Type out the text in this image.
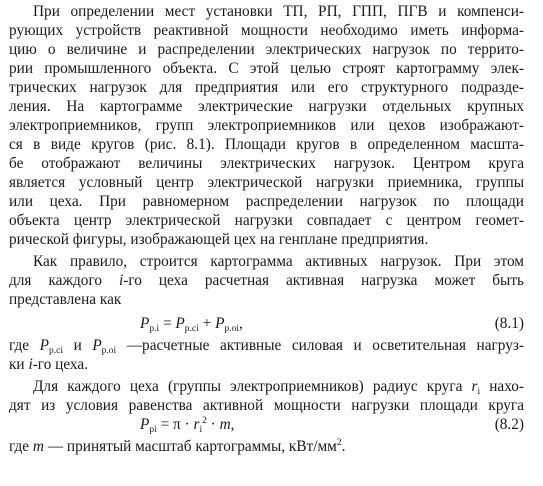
При определении мест установки ТП, РП, ГПП, ПГВ и компенси-
рующих устройств реактивной мощности необходимо иметь информа-
цию о величине и распределении электрических нагрузок по террито-
рии промышленного объекта. С этой целью строят картограмму элек-
трических нагрузок для предприятия или его структурного подразде-
ления. На картограмме электрические нагрузки отдельных крупных
электроприемников, групп электроприемников или цехов изображают-
ся в виде кругов (рис. 8.1). Площади кругов в определенном масшта-
бе отображают величины электрических нагрузок. Центром круга
является условный центр электрической нагрузки приемника, группы
или цеха. При равномерном распределении нагрузок по площади
объекта центр электрической нагрузки совпадает с центром геомет-
рической фигуры, изображающей цех на генплане предприятия.
Как правило, строится картограмма активных нагрузок. При этом
для каждого i-го цеха расчетная активная нагрузка может быть
представлена как
$P_{p.i} = P_{p.ci} + P_{p.oi}$,	(8.1)
где $P_{p.ci}$ и $P_{p.oi}$ —расчетные активные силовая и осветительная нагруз-
ки i-го цеха.
Для каждого цеха (группы электроприемников) радиус круга $r_i$ нахо-
дят из условия равенства активной мощности нагрузки площади круга
$P_{pi} = \pi \cdot r_i^2 \cdot m$,	(8.2)
где m — принятый масштаб картограммы, кВт/$мм^2$.
